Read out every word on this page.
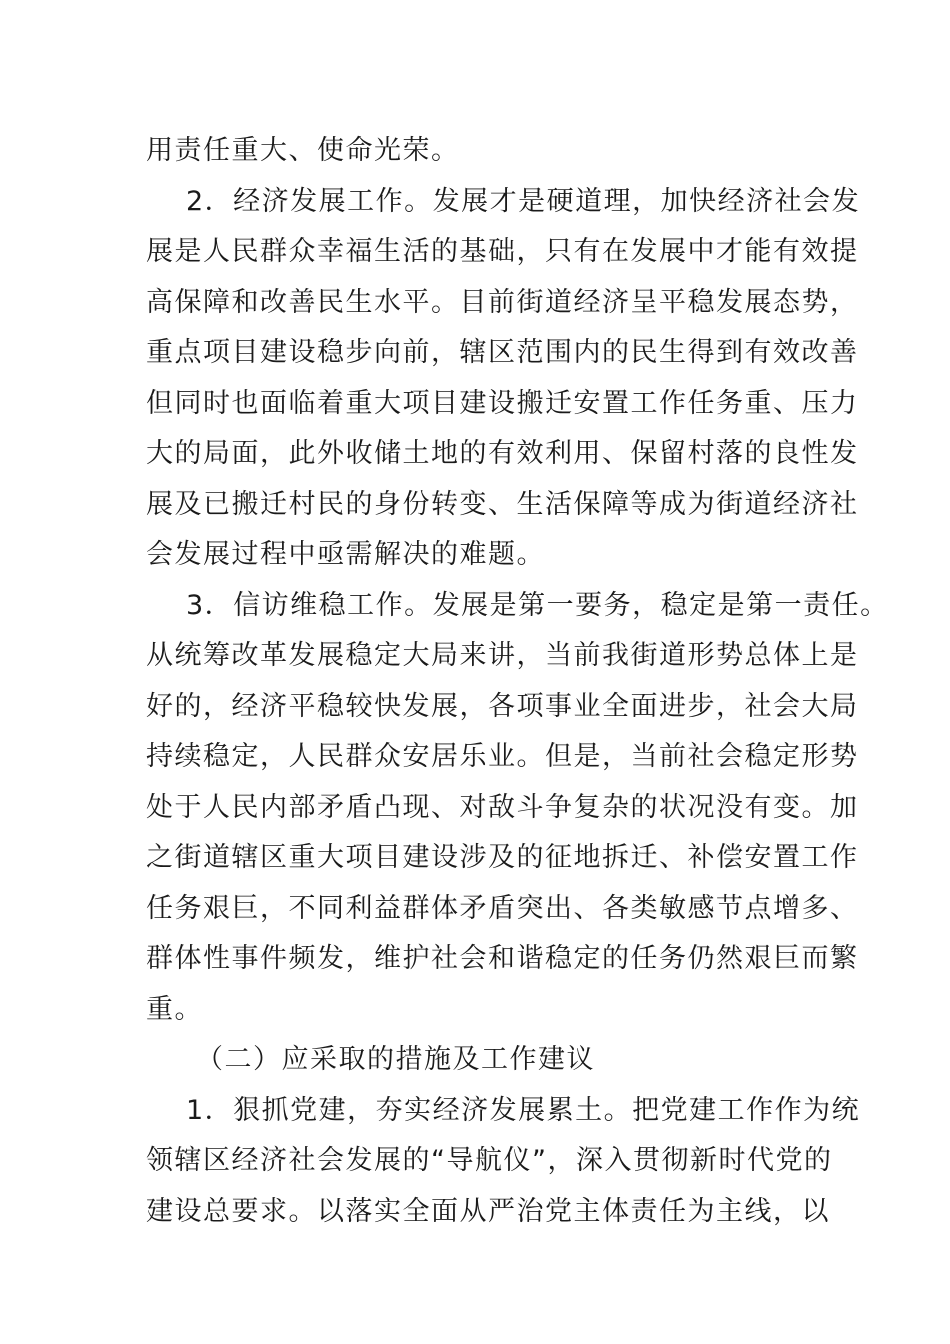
用责任重大、使命光荣。
2．经济发展工作。发展才是硬道理，加快经济社会发
展是人民群众幸福生活的基础，只有在发展中才能有效提
高保障和改善民生水平。目前街道经济呈平稳发展态势，
重点项目建设稳步向前，辖区范围内的民生得到有效改善
但同时也面临着重大项目建设搬迁安置工作任务重、压力
大的局面，此外收储土地的有效利用、保留村落的良性发
展及已搬迁村民的身份转变、生活保障等成为街道经济社
会发展过程中亟需解决的难题。
3．信访维稳工作。发展是第一要务，稳定是第一责任。
从统筹改革发展稳定大局来讲，当前我街道形势总体上是
好的，经济平稳较快发展，各项事业全面进步，社会大局
持续稳定，人民群众安居乐业。但是，当前社会稳定形势
处于人民内部矛盾凸现、对敌斗争复杂的状况没有变。加
之街道辖区重大项目建设涉及的征地拆迁、补偿安置工作
任务艰巨，不同利益群体矛盾突出、各类敏感节点增多、
群体性事件频发，维护社会和谐稳定的任务仍然艰巨而繁
重。
（二）应采取的措施及工作建议
1．狠抓党建，夯实经济发展累土。把党建工作作为统
领辖区经济社会发展的“导航仪”，深入贯彻新时代党的
建设总要求。以落实全面从严治党主体责任为主线，以
